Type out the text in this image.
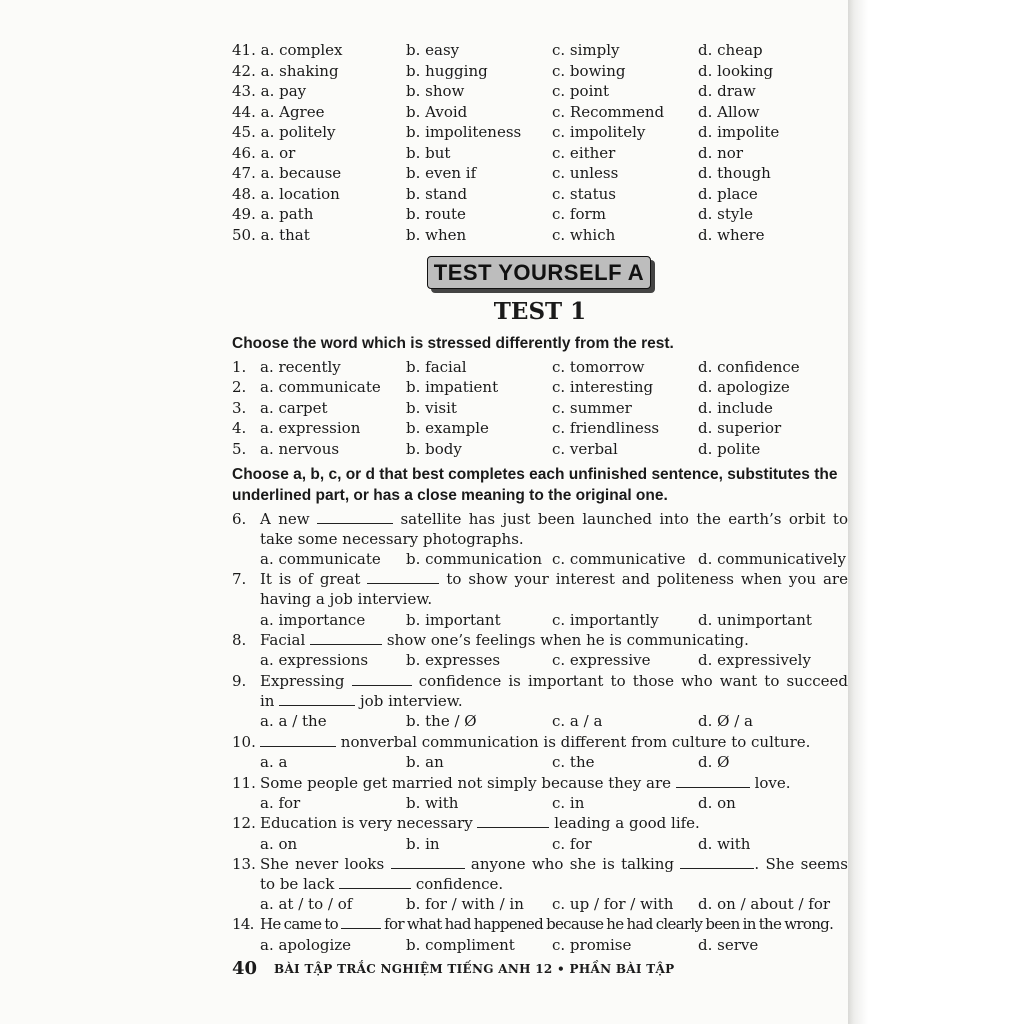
41. a. complex	b. easy	c. simply	d. cheap
42. a. shaking	b. hugging	c. bowing	d. looking
43. a. pay	b. show	c. point	d. draw
44. a. Agree	b. Avoid	c. Recommend d. Allow
45. a. politely	b. impoliteness c. impolitely	d. impolite
46. a. or	b. but	c. either	d. nor
47. a. because	b. even if	c. unless	d. though
48. a. location	b. stand	c. status	d. place
49. a. path	b. route	c. form	d. style
50. a. that	b. when	c. which	d. where
TEST YOURSELF A
TEST 1
Choose the word which is stressed differently from the rest.
1. a. recently	b. facial	c. tomorrow	d. confidence
2. a. communicate b. impatient	c. interesting	d. apologize
3. a. carpet	b. visit	c. summer	d. include
4. a. expression	b. example	c. friendliness	d. superior
5. a. nervous	b. body	c. verbal	d. polite
Choose a, b, c, or d that best completes each unfinished sentence, substitutes the
underlined part, or has a close meaning to the original one.
6. A new	satellite has just been launched into the earth’s orbit to
take some necessary photographs.
a. communicate b. communication c. communicative d. communicatively
7. It is of great	to show your interest and politeness when you are
having a job interview.
a. importance	b. important	c. importantly	d. unimportant
8. Facial	show one’s feelings when he is communicating.
a. expressions	b. expresses	c. expressive	d. expressively
9. Expressing	confidence is important to those who want to succeed
in	job interview.
a. a / the	b. the / Ø	c. a / a	d. Ø / a
10.	nonverbal communication is different from culture to culture.
a. a	b. an	c. the	d. Ø
11. Some people get married not simply because they are	love.
a. for	b. with	c. in	d. on
12. Education is very necessary	leading a good life.
a. on	b. in	c. for	d. with
13. She never looks	anyone who she is talking	. She seems
to be lack	confidence.
a. at / to / of	b. for / with / in c. up / for / with d. on / about / for
14. He came to	for what had happened because he had clearly been in the wrong.
a. apologize	b. compliment c. promise	d. serve
40 BÀI TẬP TRẮC NGHIỆM TIẾNG ANH 12 • PHẦN BÀI TẬP
